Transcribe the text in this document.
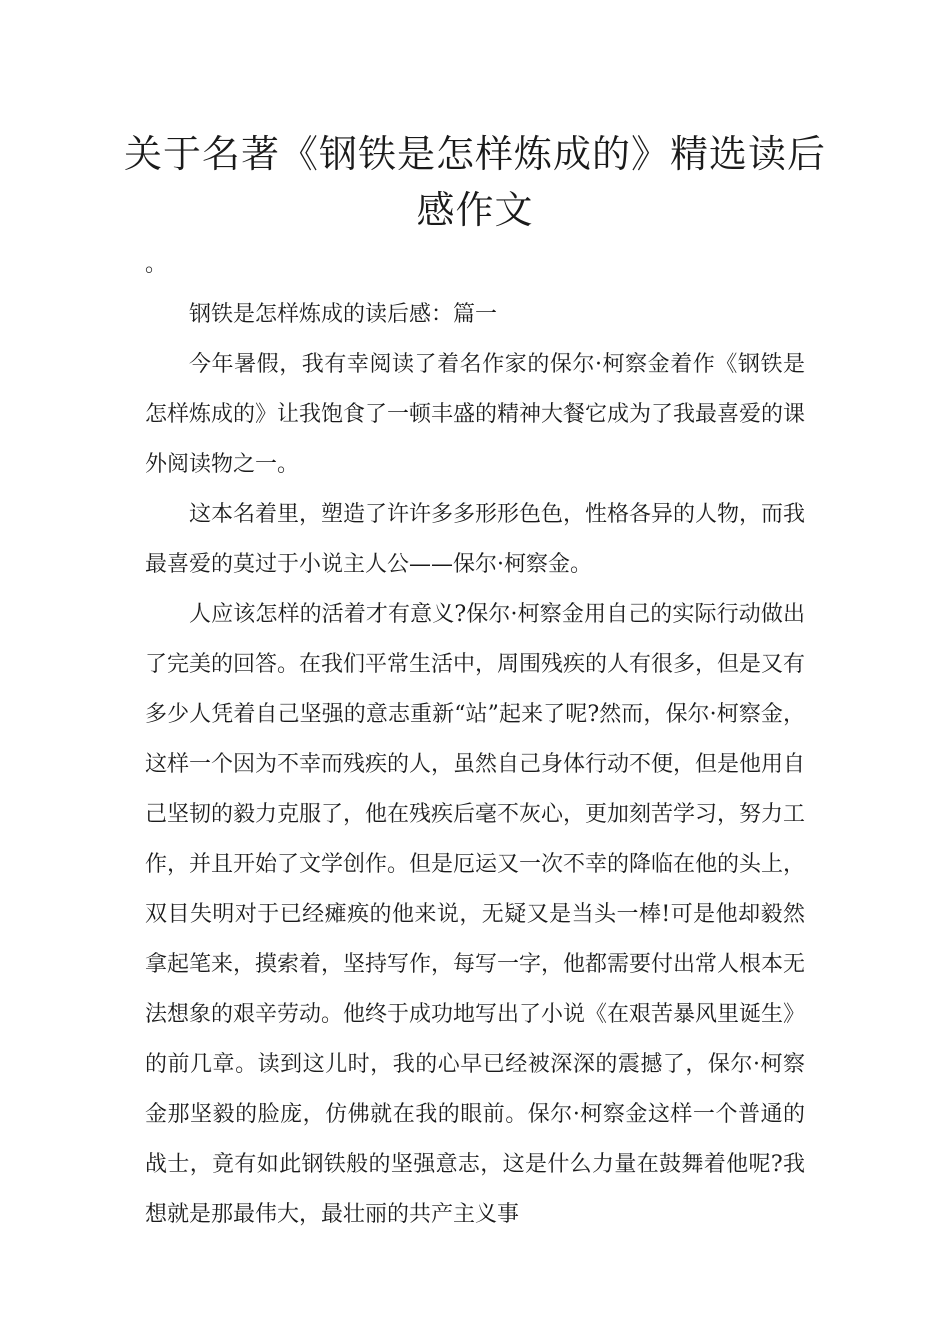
关于名著《钢铁是怎样炼成的》精选读后感作文

。

钢铁是怎样炼成的读后感：篇一

今年暑假，我有幸阅读了着名作家的保尔·柯察金着作《钢铁是怎样炼成的》让我饱食了一顿丰盛的精神大餐它成为了我最喜爱的课外阅读物之一。

这本名着里，塑造了许许多多形形色色，性格各异的人物，而我最喜爱的莫过于小说主人公——保尔·柯察金。

人应该怎样的活着才有意义?保尔·柯察金用自己的实际行动做出了完美的回答。在我们平常生活中，周围残疾的人有很多，但是又有多少人凭着自己坚强的意志重新“站”起来了呢?然而，保尔·柯察金，这样一个因为不幸而残疾的人，虽然自己身体行动不便，但是他用自己坚韧的毅力克服了，他在残疾后毫不灰心，更加刻苦学习，努力工作，并且开始了文学创作。但是厄运又一次不幸的降临在他的头上，双目失明对于已经瘫痪的他来说，无疑又是当头一棒!可是他却毅然拿起笔来，摸索着，坚持写作，每写一字，他都需要付出常人根本无法想象的艰辛劳动。他终于成功地写出了小说《在艰苦暴风里诞生》的前几章。读到这儿时，我的心早已经被深深的震撼了，保尔·柯察金那坚毅的脸庞，仿佛就在我的眼前。保尔·柯察金这样一个普通的战士，竟有如此钢铁般的坚强意志，这是什么力量在鼓舞着他呢?我想就是那最伟大，最壮丽的共产主义事
